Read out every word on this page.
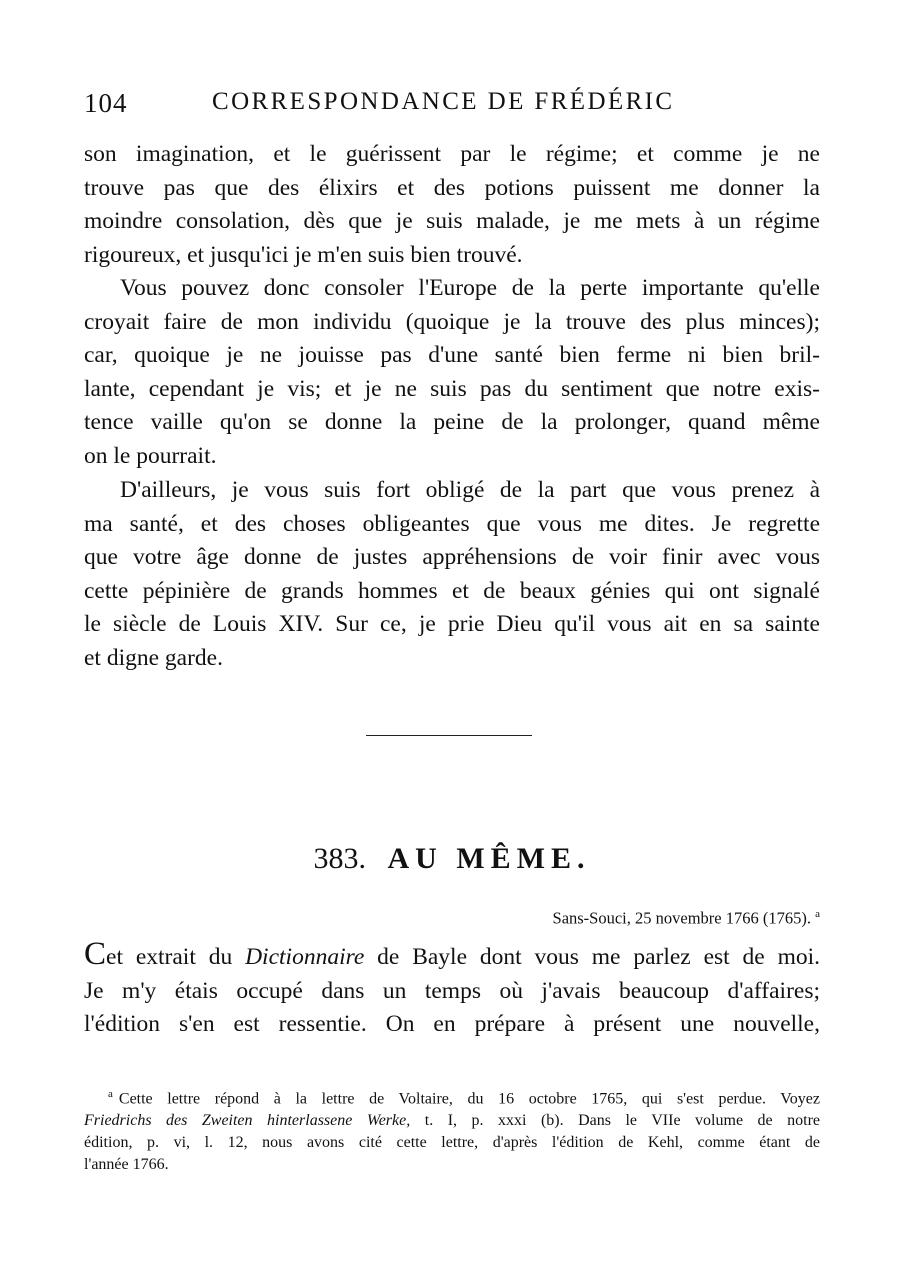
104	CORRESPONDANCE DE FRÉDÉRIC

son imagination, et le guérissent par le régime; et comme je ne
trouve pas que des élixirs et des potions puissent me donner la
moindre consolation, dès que je suis malade, je me mets à un régime
rigoureux, et jusqu'ici je m'en suis bien trouvé.

Vous pouvez donc consoler l'Europe de la perte importante qu'elle
croyait faire de mon individu (quoique je la trouve des plus minces);
car, quoique je ne jouisse pas d'une santé bien ferme ni bien bril-
lante, cependant je vis; et je ne suis pas du sentiment que notre exis-
tence vaille qu'on se donne la peine de la prolonger, quand même
on le pourrait.

D'ailleurs, je vous suis fort obligé de la part que vous prenez à
ma santé, et des choses obligeantes que vous me dites. Je regrette
que votre âge donne de justes appréhensions de voir finir avec vous
cette pépinière de grands hommes et de beaux génies qui ont signalé
le siècle de Louis XIV. Sur ce, je prie Dieu qu'il vous ait en sa sainte
et digne garde.

383. AU MÊME.
Sans-Souci, 25 novembre 1766 (1765). $^a$

Cet extrait du Dictionnaire de Bayle dont vous me parlez est de moi.
Je m'y étais occupé dans un temps où j'avais beaucoup d'affaires;
l'édition s'en est ressentie. On en prépare à présent une nouvelle,

$^a$ Cette lettre répond à la lettre de Voltaire, du 16 octobre 1765, qui s'est perdue. Voyez
Friedrichs des Zweiten hinterlassene Werke, t. I, p. xxxi (b). Dans le VIIe volume de notre
édition, p. vi, l. 12, nous avons cité cette lettre, d'après l'édition de Kehl, comme étant de
l'année 1766.
